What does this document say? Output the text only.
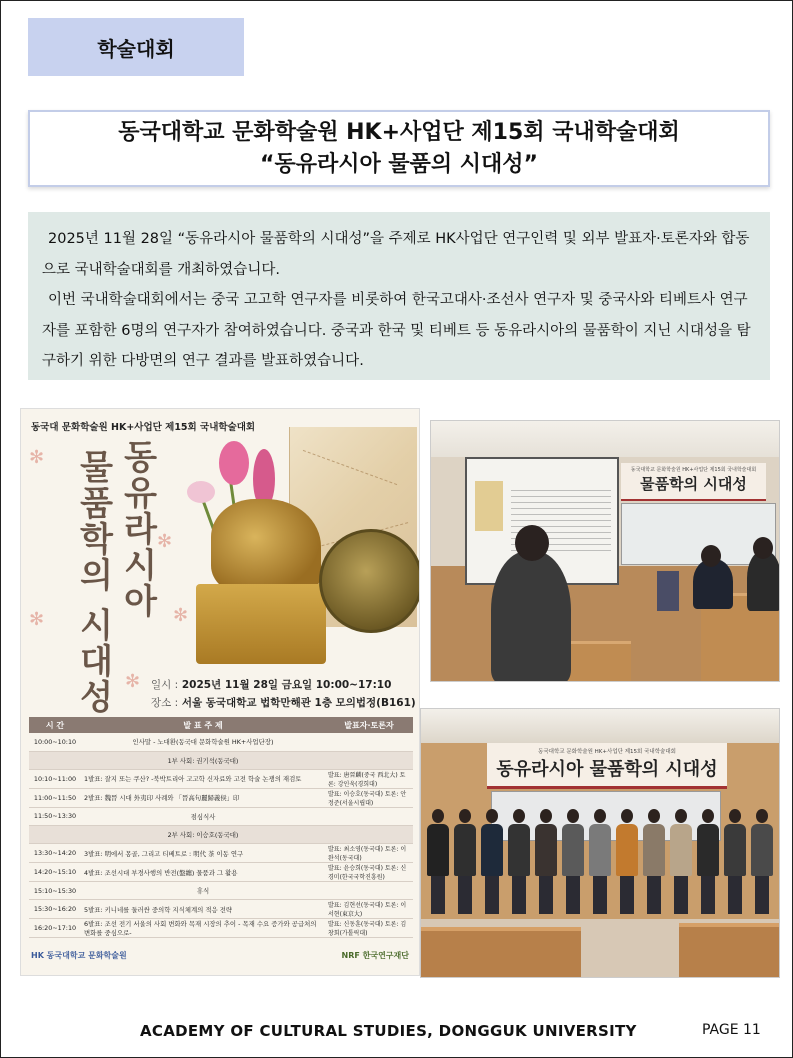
학술대회
동국대학교 문화학술원 HK+사업단 제15회 국내학술대회
“동유라시아 물품의 시대성”

2025년 11월 28일 “동유라시아 물품학의 시대성”을 주제로 HK사업단 연구인력 및 외부 발표자·토론자와 합동으로 국내학술대회를 개최하였습니다.

이번 국내학술대회에서는 중국 고고학 연구자를 비롯하여 한국고대사·조선사 연구자 및 중국사와 티베트사 연구자를 포함한 6명의 연구자가 참여하였습니다. 중국과 한국 및 티베트 등 동유라시아의 물품학이 지닌 시대성을 탐구하기 위한 다방면의 연구 결과를 발표하였습니다.

동국대 문화학술원 HK+사업단 제15회 국내학술대회
동유라시아
물품학의 시대성
✻
✻
✻
✻
✻ 일시 : 2025년 11월 28일 금요일 10:00~17:10
장소 : 서울 동국대학교 법학만해관 1층 모의법정(B161)
시 간	발 표 주 제	발표자·토론자
10:00~10:10	인사말 - 노대환(동국대 문화학술원 HK+사업단장)	
	1부 사회: 권기석(동국대)	
10:10~11:00	1발표: 잘지 또는 쿠산? -북박트리아 고고학 신자료와 고전 학술 논쟁의 재검토	발표: 唐晉麟(중국 西北大) 토론: 강인욱(경희대)
11:00~11:50	2발표: 魏晉 시대 外夷印 사례와 「晉高句麗歸義侯」印	발표: 이승호(동국대) 토론: 안정준(서울시립대)
11:50~13:30	점심식사	
	2부 사회: 이승호(동국대)	
13:30~14:20	3발표: 明에서 몽골, 그리고 티베트로 : 明代 茶 이동 연구	발표: 최소영(동국대) 토론: 이완석(동국대)
14:20~15:10	4발표: 조선시대 부경사행의 반전(盤纏) 물품과 그 활용	발표: 윤승희(동국대) 토론: 신경미(한국국학진흥원)
15:10~15:30	휴식	
15:30~16:20	5발표: 키니네를 둘러싼 중의학 지식체계의 적응 전략	발표: 김현선(동국대) 토론: 이서현(東京大)
16:20~17:10	6발표: 조선 전기 서울의 사회 변화와 목재 시장의 추이 - 목재 수요 증가와 공급처의 변화를 중심으로-	발표: 신동훈(동국대) 토론: 김창회(가톨릭대)
HK 동국대학교 문화학술원	NRF 한국연구재단
동국대학교 문화학술원 HK+사업단 제15회 국내학술대회
물품학의 시대성
동국대학교 문화학술원 HK+사업단 제15회 국내학술대회
동유라시아 물품학의 시대성
ACADEMY OF CULTURAL STUDIES, DONGGUK UNIVERSITY	PAGE 11
